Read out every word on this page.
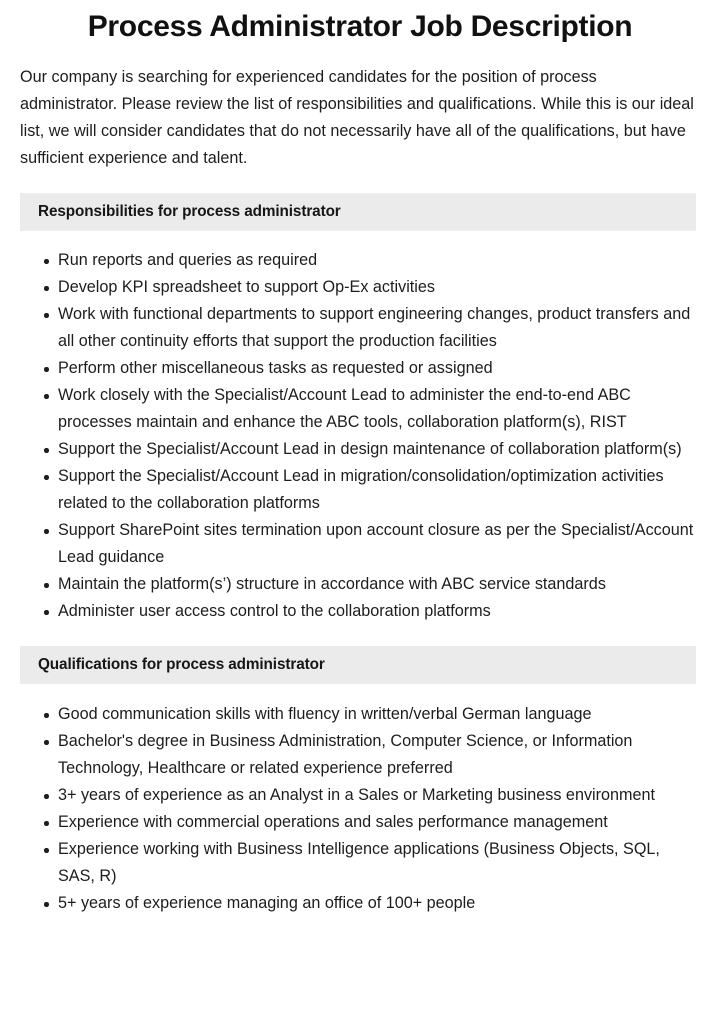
Process Administrator Job Description

Our company is searching for experienced candidates for the position of process administrator. Please review the list of responsibilities and qualifications. While this is our ideal list, we will consider candidates that do not necessarily have all of the qualifications, but have sufficient experience and talent.

Responsibilities for process administrator
Run reports and queries as required
Develop KPI spreadsheet to support Op-Ex activities
Work with functional departments to support engineering changes, product transfers and all other continuity efforts that support the production facilities
Perform other miscellaneous tasks as requested or assigned
Work closely with the Specialist/Account Lead to administer the end-to-end ABC processes maintain and enhance the ABC tools, collaboration platform(s), RIST
Support the Specialist/Account Lead in design maintenance of collaboration platform(s)
Support the Specialist/Account Lead in migration/consolidation/optimization activities related to the collaboration platforms
Support SharePoint sites termination upon account closure as per the Specialist/Account Lead guidance
Maintain the platform(s’) structure in accordance with ABC service standards
Administer user access control to the collaboration platforms
Qualifications for process administrator
Good communication skills with fluency in written/verbal German language
Bachelor's degree in Business Administration, Computer Science, or Information Technology, Healthcare or related experience preferred
3+ years of experience as an Analyst in a Sales or Marketing business environment
Experience with commercial operations and sales performance management
Experience working with Business Intelligence applications (Business Objects, SQL, SAS, R)
5+ years of experience managing an office of 100+ people
